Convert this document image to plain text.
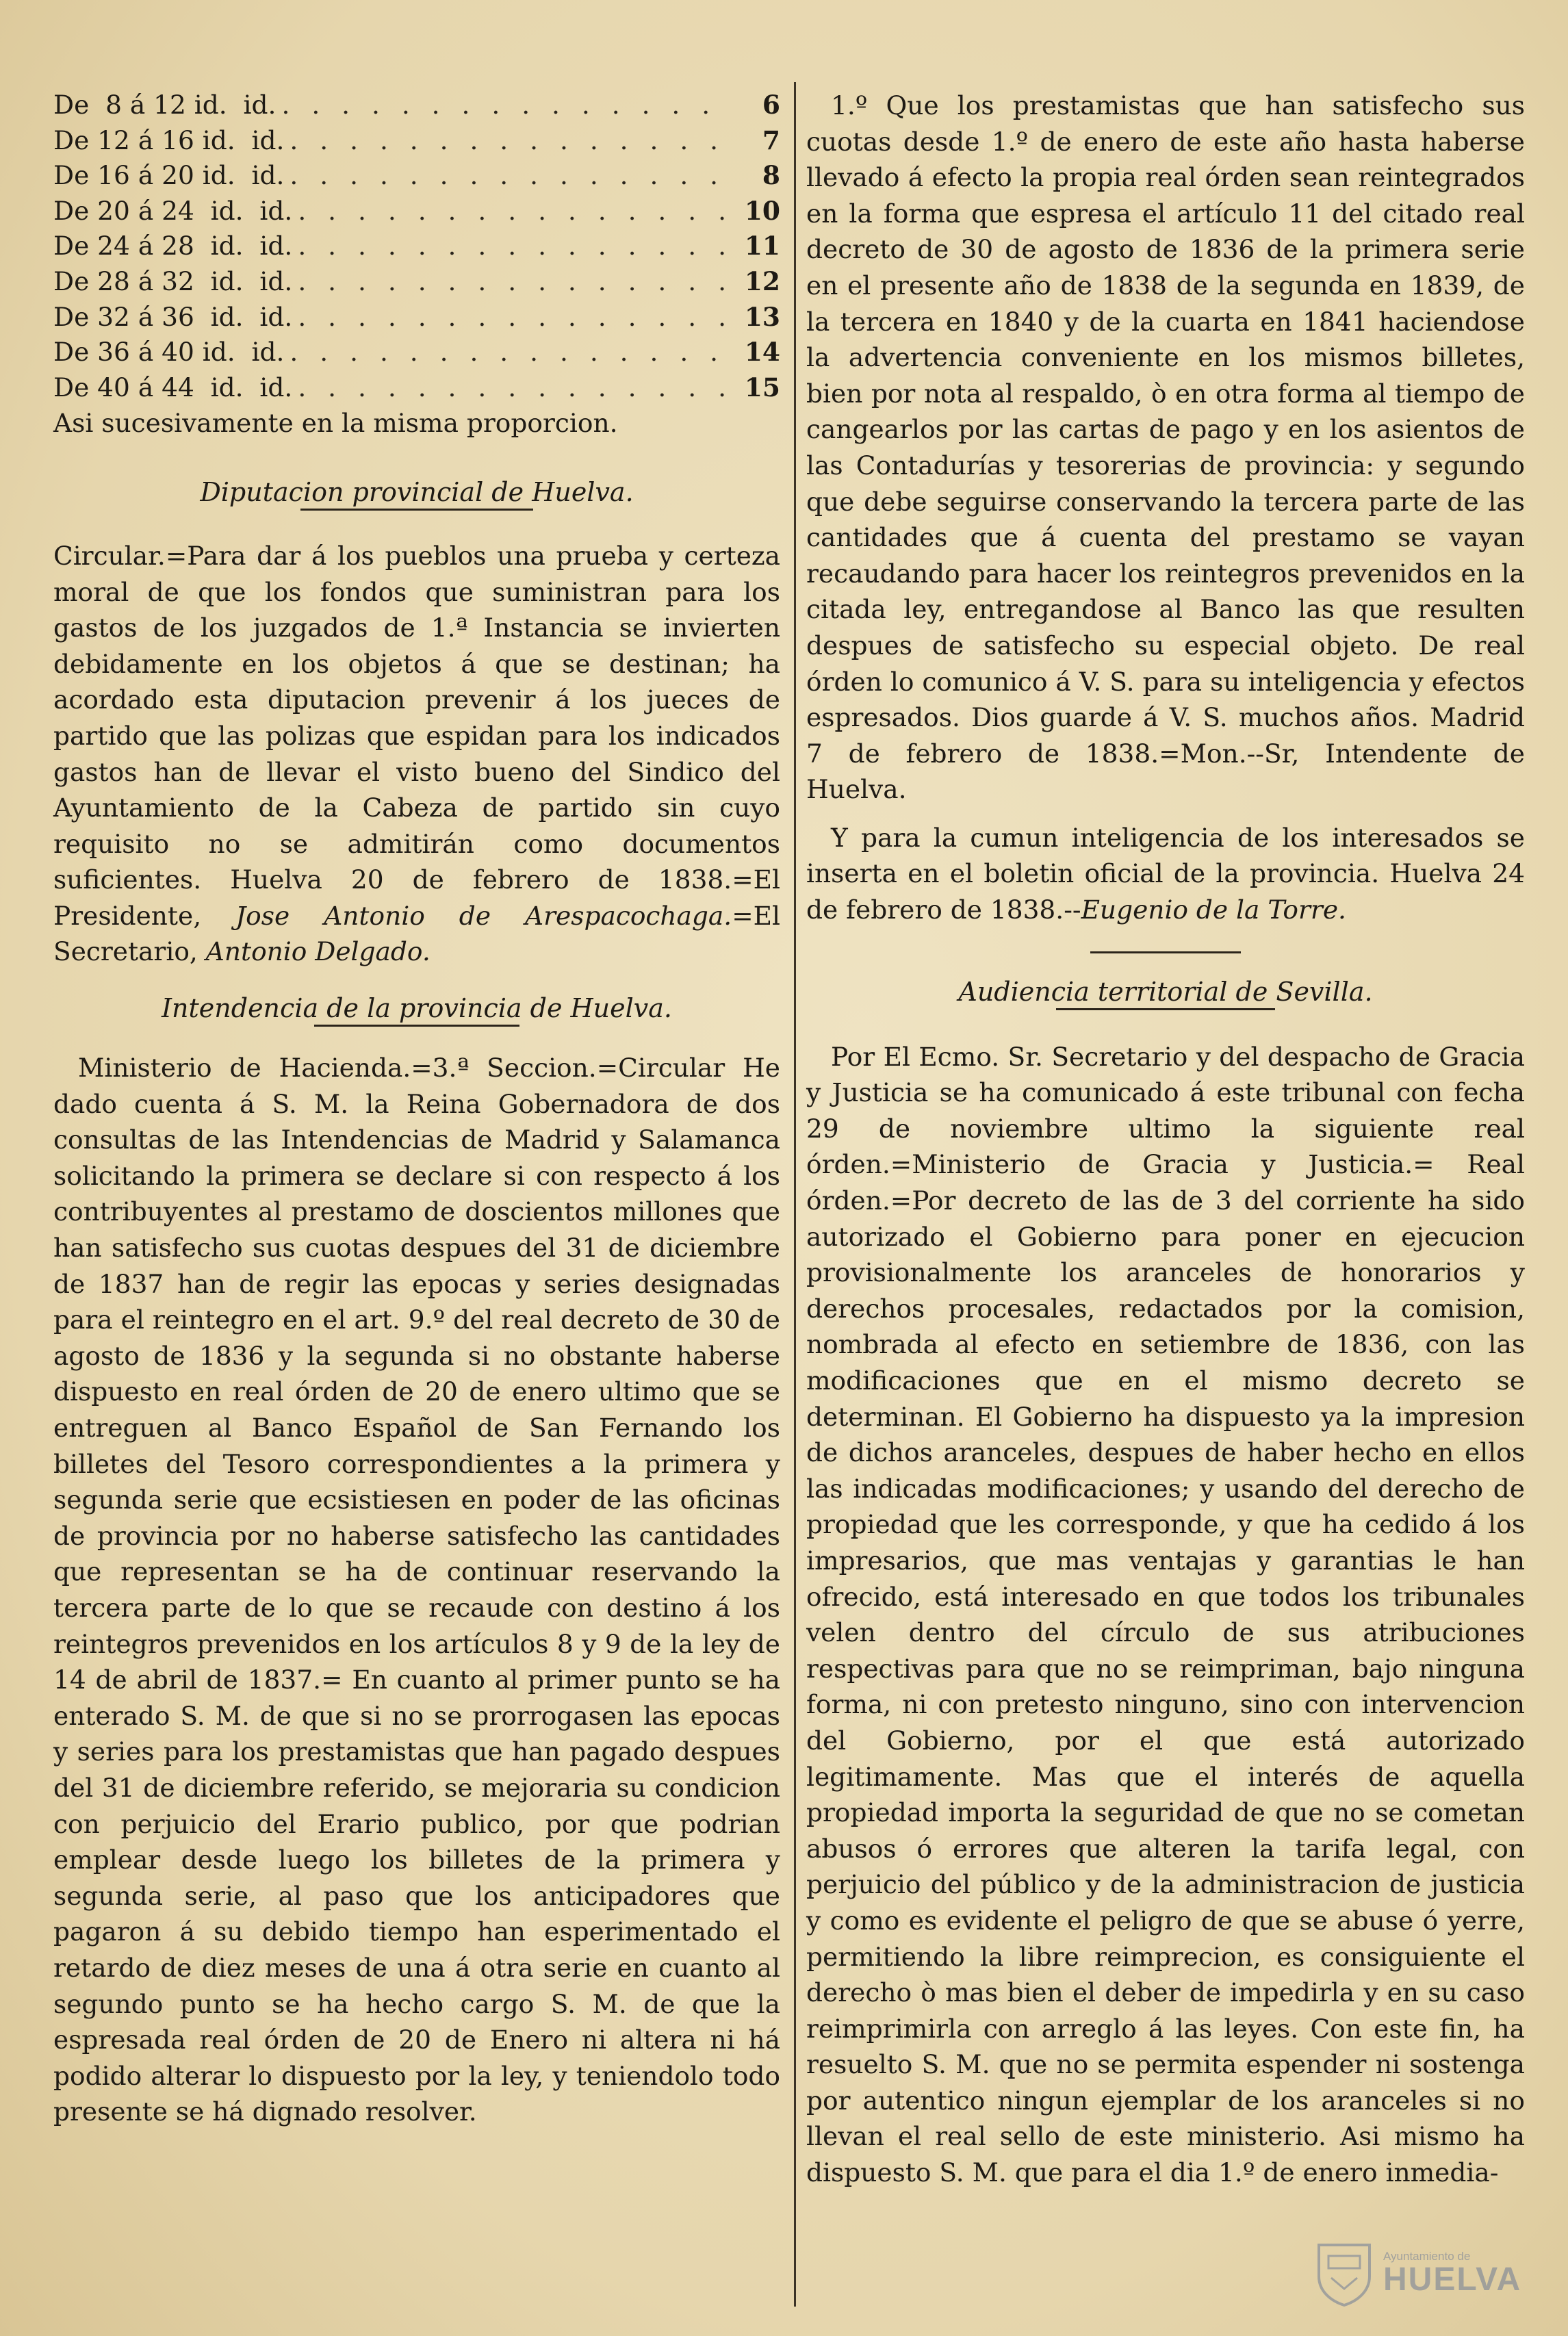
De  8 á 12 id.  id. . . . . . . . . . . . . . . .	6
De 12 á 16 id.  id. . . . . . . . . . . . . . . .	7
De 16 á 20 id.  id. . . . . . . . . . . . . . . .	8
De 20 á 24  id.  id. . . . . . . . . . . . . . . . 10
De 24 á 28  id.  id. . . . . . . . . . . . . . . . 11
De 28 á 32  id.  id. . . . . . . . . . . . . . . . 12
De 32 á 36  id.  id. . . . . . . . . . . . . . . . 13
De 36 á 40 id.  id. . . . . . . . . . . . . . . . 14
De 40 á 44  id.  id. . . . . . . . . . . . . . . . 15

Asi sucesivamente en la misma proporcion.

Diputacion provincial de Huelva.

Circular.=Para dar á los pueblos una prueba y certeza moral de que los fondos que suministran para los gastos de los juzgados de 1.ª Instancia se invierten debidamente en los objetos á que se destinan; ha acordado esta diputacion prevenir á los jueces de partido que las polizas que espidan para los indicados gastos han de llevar el visto bueno del Sindico del Ayuntamiento de la Cabeza de partido sin cuyo requisito no se admitirán como documentos suficientes. Huelva 20 de febrero de 1838.=El Presidente, Jose Antonio de Arespacochaga.=El Secretario, Antonio Delgado.

Intendencia de la provincia de Huelva.

Ministerio de Hacienda.=3.ª Seccion.=Circular He dado cuenta á S. M. la Reina Gobernadora de dos consultas de las Intendencias de Madrid y Salamanca solicitando la primera se declare si con respecto á los contribuyentes al prestamo de doscientos millones que han satisfecho sus cuotas despues del 31 de diciembre de 1837 han de regir las epocas y series designadas para el reintegro en el art. 9.º del real decreto de 30 de agosto de 1836 y la segunda si no obstante haberse dispuesto en real órden de 20 de enero ultimo que se entreguen al Banco Español de San Fernando los billetes del Tesoro correspondientes a la primera y segunda serie que ecsistiesen en poder de las oficinas de provincia por no haberse satisfecho las cantidades que representan se ha de continuar reservando la tercera parte de lo que se recaude con destino á los reintegros prevenidos en los artículos 8 y 9 de la ley de 14 de abril de 1837.= En cuanto al primer punto se ha enterado S. M. de que si no se prorrogasen las epocas y series para los prestamistas que han pagado despues del 31 de diciembre referido, se mejoraria su condicion con perjuicio del Erario publico, por que podrian emplear desde luego los billetes de la primera y segunda serie, al paso que los anticipadores que pagaron á su debido tiempo han esperimentado el retardo de diez meses de una á otra serie en cuanto al segundo punto se ha hecho cargo S. M. de que la espresada real órden de 20 de Enero ni altera ni há podido alterar lo dispuesto por la ley, y teniendolo todo presente se há dignado resolver.

1.º Que los prestamistas que han satisfecho sus cuotas desde 1.º de enero de este año hasta haberse llevado á efecto la propia real órden sean reintegrados en la forma que espresa el artículo 11 del citado real decreto de 30 de agosto de 1836 de la primera serie en el presente año de 1838 de la segunda en 1839, de la tercera en 1840 y de la cuarta en 1841 haciendose la advertencia conveniente en los mismos billetes, bien por nota al respaldo, ò en otra forma al tiempo de cangearlos por las cartas de pago y en los asientos de las Contadurías y tesorerias de provincia: y segundo que debe seguirse conservando la tercera parte de las cantidades que á cuenta del prestamo se vayan recaudando para hacer los reintegros prevenidos en la citada ley, entregandose al Banco las que resulten despues de satisfecho su especial objeto. De real órden lo comunico á V. S. para su inteligencia y efectos espresados. Dios guarde á V. S. muchos años. Madrid 7 de febrero de 1838.=Mon.--Sr, Intendente de Huelva.

Y para la cumun inteligencia de los interesados se inserta en el boletin oficial de la provincia. Huelva 24 de febrero de 1838.--Eugenio de la Torre.

Audiencia territorial de Sevilla.

Por El Ecmo. Sr. Secretario y del despacho de Gracia y Justicia se ha comunicado á este tribunal con fecha 29 de noviembre ultimo la siguiente real órden.=Ministerio de Gracia y Justicia.= Real órden.=Por decreto de las de 3 del corriente ha sido autorizado el Gobierno para poner en ejecucion provisionalmente los aranceles de honorarios y derechos procesales, redactados por la comision, nombrada al efecto en setiembre de 1836, con las modificaciones que en el mismo decreto se determinan. El Gobierno ha dispuesto ya la impresion de dichos aranceles, despues de haber hecho en ellos las indicadas modificaciones; y usando del derecho de propiedad que les corresponde, y que ha cedido á los impresarios, que mas ventajas y garantias le han ofrecido, está interesado en que todos los tribunales velen dentro del círculo de sus atribuciones respectivas para que no se reimpriman, bajo ninguna forma, ni con pretesto ninguno, sino con intervencion del Gobierno, por el que está autorizado legitimamente. Mas que el interés de aquella propiedad importa la seguridad de que no se cometan abusos ó errores que alteren la tarifa legal, con perjuicio del público y de la administracion de justicia y como es evidente el peligro de que se abuse ó yerre, permitiendo la libre reimprecion, es consiguiente el derecho ò mas bien el deber de impedirla y en su caso reimprimirla con arreglo á las leyes. Con este fin, ha resuelto S. M. que no se permita espender ni sostenga por autentico ningun ejemplar de los aranceles si no llevan el real sello de este ministerio. Asi mismo ha dispuesto S. M. que para el dia 1.º de enero inmedia-

Ayuntamiento de
HUELVA
